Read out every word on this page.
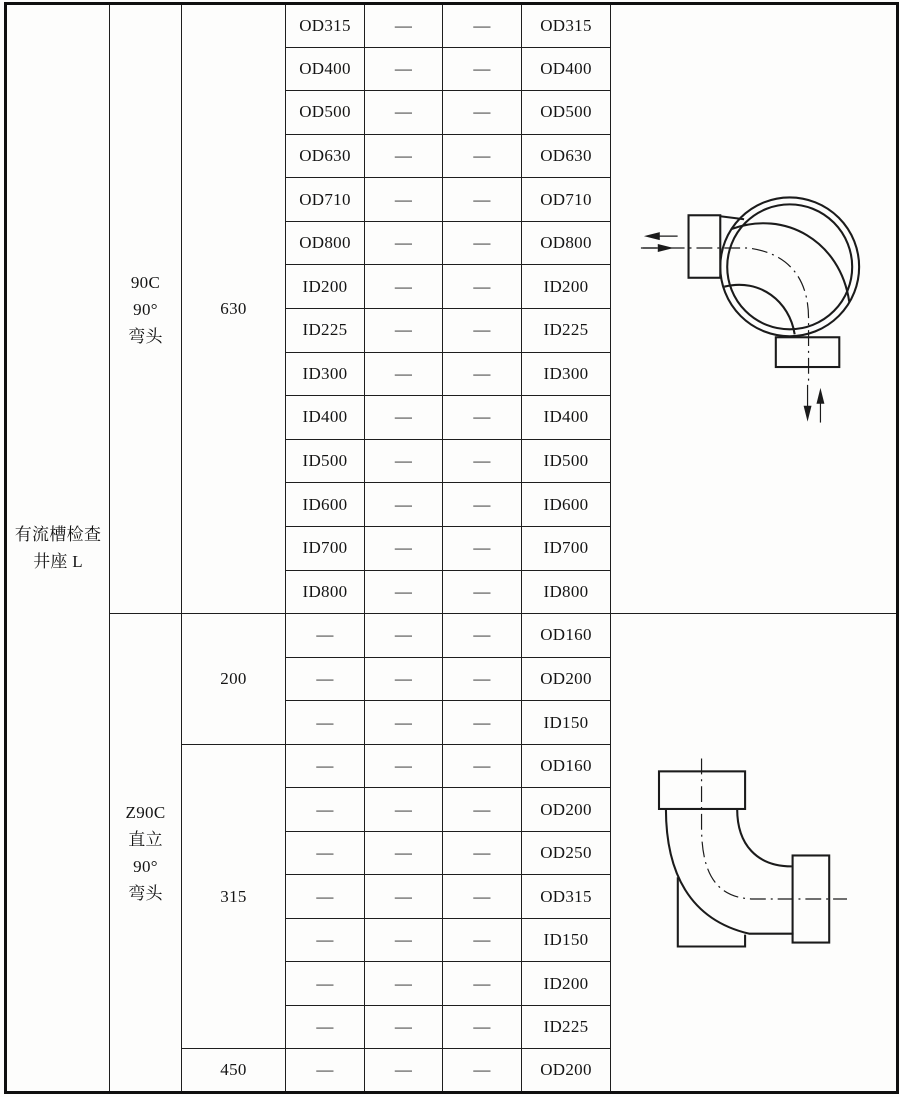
有流槽检查
井座 L	90C
90°
弯头	630	OD315	—	—	OD315	

			OD400	—	—	OD400	
			OD500	—	—	OD500	
			OD630	—	—	OD630	
			OD710	—	—	OD710	
			OD800	—	—	OD800	
			ID200	—	—	ID200	
			ID225	—	—	ID225	
			ID300	—	—	ID300	
			ID400	—	—	ID400	
			ID500	—	—	ID500	
			ID600	—	—	ID600	
			ID700	—	—	ID700	
			ID800	—	—	ID800	

	Z90C
直立
90°
弯头	200	—	—	—	OD160	

			—	—	—	OD200	
			—	—	—	ID150	
		315	—	—	—	OD160	
			—	—	—	OD200	
			—	—	—	OD250	
			—	—	—	OD315	
			—	—	—	ID150	
			—	—	—	ID200	
			—	—	—	ID225	
		450	—	—	—	OD200	
